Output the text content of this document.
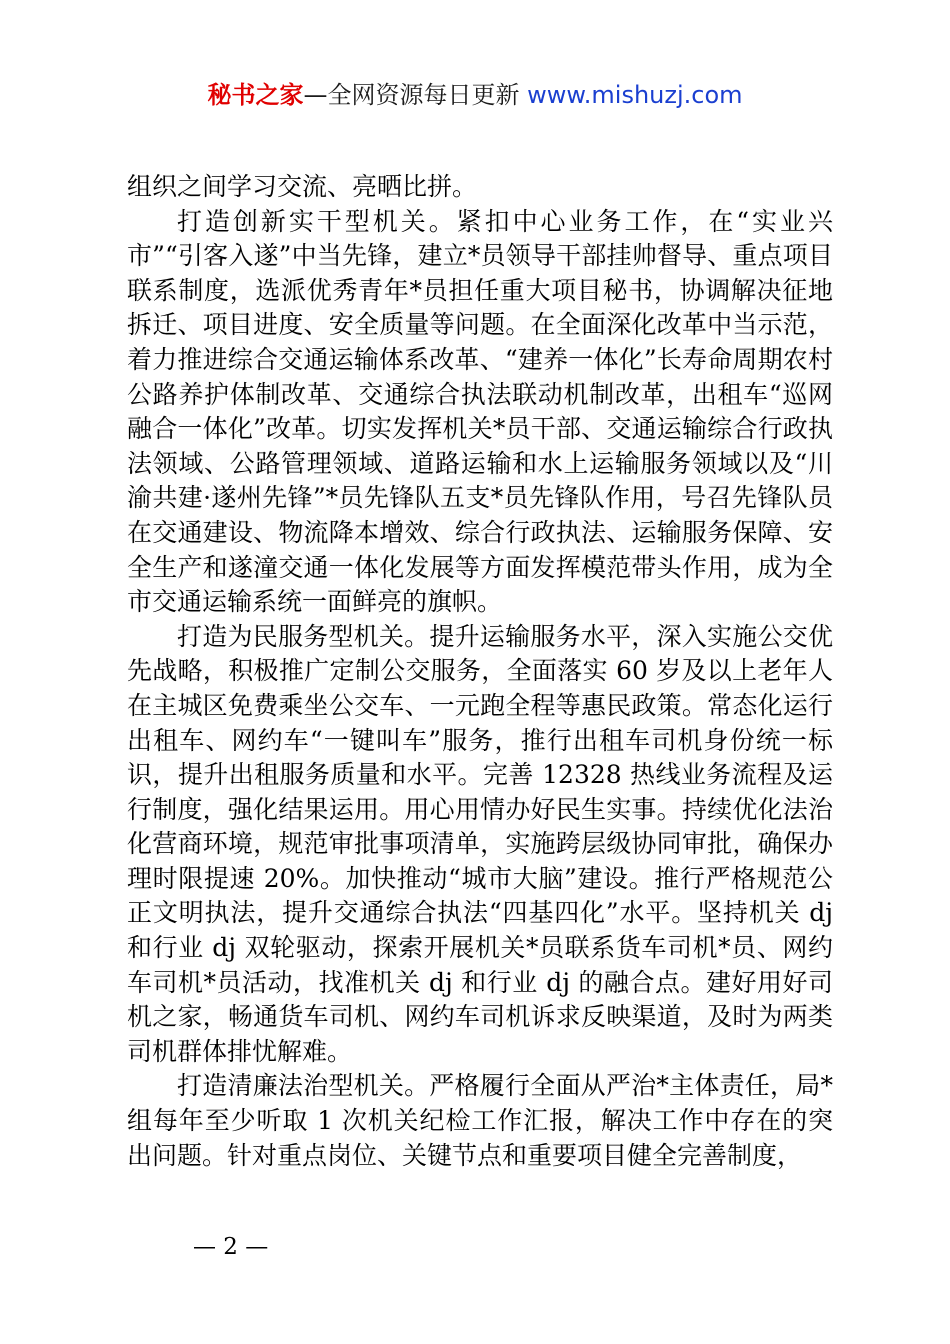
秘书之家—全网资源每日更新 www.mishuzj.com

组织之间学习交流、亮晒比拼。

打造创新实干型机关。紧扣中心业务工作，在“实业兴市”“引客入遂”中当先锋，建立*员领导干部挂帅督导、重点项目联系制度，选派优秀青年*员担任重大项目秘书，协调解决征地拆迁、项目进度、安全质量等问题。在全面深化改革中当示范，着力推进综合交通运输体系改革、“建养一体化”长寿命周期农村公路养护体制改革、交通综合执法联动机制改革，出租车“巡网融合一体化”改革。切实发挥机关*员干部、交通运输综合行政执法领域、公路管理领域、道路运输和水上运输服务领域以及“川渝共建·遂州先锋”*员先锋队五支*员先锋队作用，号召先锋队员在交通建设、物流降本增效、综合行政执法、运输服务保障、安全生产和遂潼交通一体化发展等方面发挥模范带头作用，成为全市交通运输系统一面鲜亮的旗帜。

打造为民服务型机关。提升运输服务水平，深入实施公交优先战略，积极推广定制公交服务，全面落实 60 岁及以上老年人在主城区免费乘坐公交车、一元跑全程等惠民政策。常态化运行出租车、网约车“一键叫车”服务，推行出租车司机身份统一标识，提升出租服务质量和水平。完善 12328 热线业务流程及运行制度，强化结果运用。用心用情办好民生实事。持续优化法治化营商环境，规范审批事项清单，实施跨层级协同审批，确保办理时限提速 20%。加快推动“城市大脑”建设。推行严格规范公正文明执法，提升交通综合执法“四基四化”水平。坚持机关 dj 和行业 dj 双轮驱动，探索开展机关*员联系货车司机*员、网约车司机*员活动，找准机关 dj 和行业 dj 的融合点。建好用好司机之家，畅通货车司机、网约车司机诉求反映渠道，及时为两类司机群体排忧解难。

打造清廉法治型机关。严格履行全面从严治*主体责任，局*组每年至少听取 1 次机关纪检工作汇报，解决工作中存在的突出问题。针对重点岗位、关键节点和重要项目健全完善制度，

— 2 —
